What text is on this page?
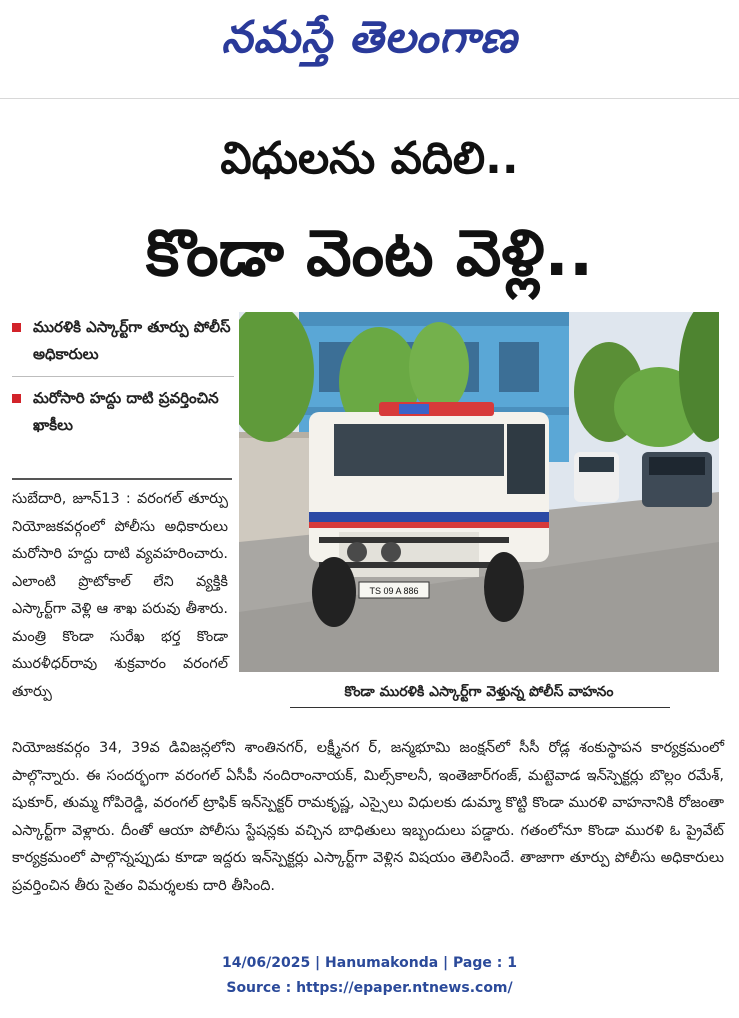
నమస్తే తెలంగాణ
విధులను వదిలి..
కొండా వెంట వెళ్లి..
మురళికి ఎస్కార్ట్‌గా తూర్పు పోలీస్ అధికారులు
మరోసారి హద్దు దాటి ప్రవర్తించిన ఖాకీలు
TS 09 A 886
కొండా మురళికి ఎస్కార్ట్‌గా వెళ్తున్న పోలీస్ వాహనం
సుబేదారి, జూన్13 : వరంగల్ తూర్పు నియోజకవర్గంలో పోలీసు అధికారులు మరోసారి హద్దు దాటి వ్యవహరించారు. ఎలాంటి ప్రొటోకాల్ లేని వ్యక్తికి ఎస్కార్ట్‌గా వెళ్లి ఆ శాఖ పరువు తీశారు. మంత్రి కొండా సురేఖ భర్త కొండా మురళీధర్‌రావు శుక్రవారం వరంగల్ తూర్పు
నియోజకవర్గం 34, 39వ డివిజన్లలోని శాంతినగర్, లక్ష్మీనగ ర్, జన్మభూమి జంక్షన్‌లో సీసీ రోడ్ల శంకుస్థాపన కార్యక్రమంలో పాల్గొన్నారు. ఈ సందర్భంగా వరంగల్ ఏసీపీ నందిరాంనాయక్, మిల్స్‌కాలనీ, ఇంతెజార్‌గంజ్, మట్టెవాడ ఇన్‌స్పెక్టర్లు బొల్లం రమేశ్, షుకూర్, తుమ్మ గోపిరెడ్డి, వరంగల్ ట్రాఫిక్ ఇన్‌స్పెక్టర్ రామకృష్ణ, ఎస్సైలు విధులకు డుమ్మా కొట్టి కొండా మురళి వాహనానికి రోజంతా ఎస్కార్ట్‌గా వెళ్లారు. దీంతో ఆయా పోలీసు స్టేషన్లకు వచ్చిన బాధితులు ఇబ్బందులు పడ్డారు. గతంలోనూ కొండా మురళి ఓ ప్రైవేట్ కార్యక్రమంలో పాల్గొన్నప్పుడు కూడా ఇద్దరు ఇన్‌స్పెక్టర్లు ఎస్కార్ట్‌గా వెళ్లిన విషయం తెలిసిందే. తాజాగా తూర్పు పోలీసు అధికారులు ప్రవర్తించిన తీరు సైతం విమర్శలకు దారి తీసింది.
14/06/2025 | Hanumakonda | Page : 1
Source : https://epaper.ntnews.com/
